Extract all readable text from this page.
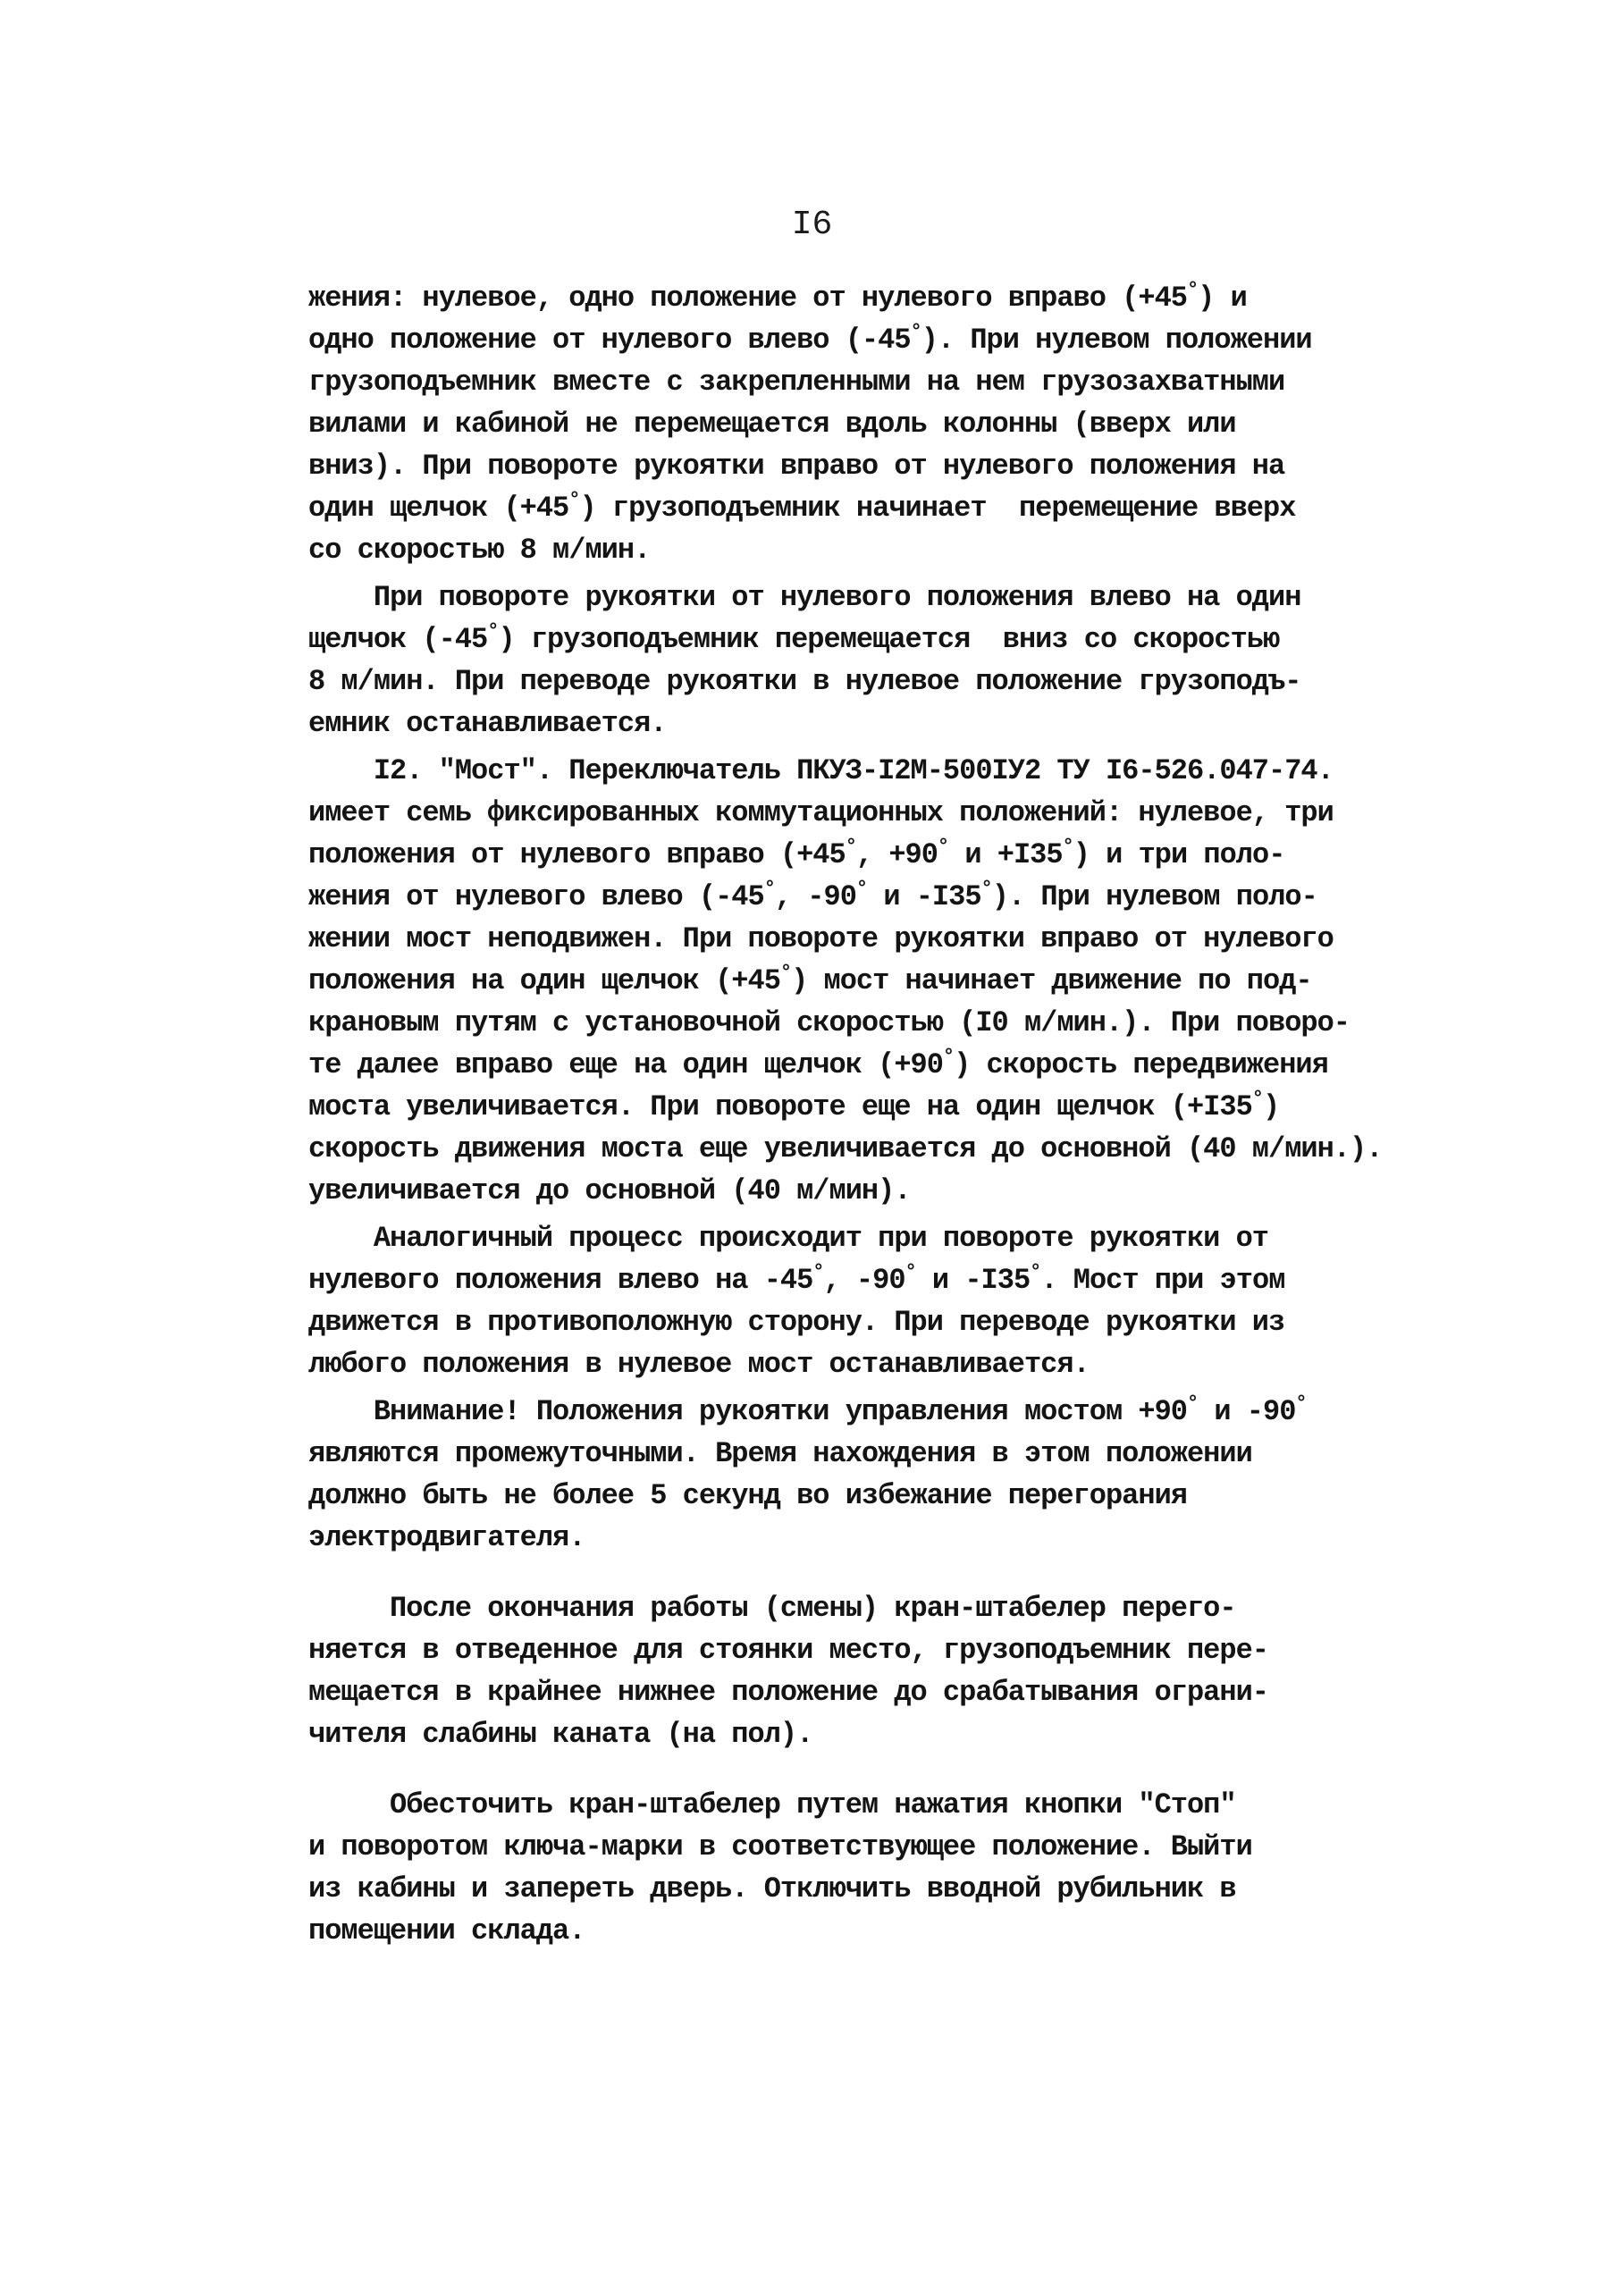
I6
жения: нулевое, одно положение от нулевого вправо (+45°) и
одно положение от нулевого влево (-45°). При нулевом положении
грузоподъемник вместе с закрепленными на нем грузозахватными
вилами и кабиной не перемещается вдоль колонны (вверх или
вниз). При повороте рукоятки вправо от нулевого положения на
один щелчок (+45°) грузоподъемник начинает  перемещение вверх
со скоростью 8 м/мин.
При повороте рукоятки от нулевого положения влево на один
щелчок (-45°) грузоподъемник перемещается  вниз со скоростью
8 м/мин. При переводе рукоятки в нулевое положение грузоподъ-
емник останавливается.
I2. "Мост". Переключатель ПКУЗ-I2М-500IУ2 ТУ I6-526.047-74.
имеет семь фиксированных коммутационных положений: нулевое, три
положения от нулевого вправо (+45°, +90° и +I35°) и три поло-
жения от нулевого влево (-45°, -90° и -I35°). При нулевом поло-
жении мост неподвижен. При повороте рукоятки вправо от нулевого
положения на один щелчок (+45°) мост начинает движение по под-
крановым путям с установочной скоростью (I0 м/мин.). При поворо-
те далее вправо еще на один щелчок (+90°) скорость передвижения
моста увеличивается. При повороте еще на один щелчок (+I35°)
скорость движения моста еще увеличивается до основной (40 м/мин.).
увеличивается до основной (40 м/мин).
Аналогичный процесс происходит при повороте рукоятки от
нулевого положения влево на -45°, -90° и -I35°. Мост при этом
движется в противоположную сторону. При переводе рукоятки из
любого положения в нулевое мост останавливается.
Внимание! Положения рукоятки управления мостом +90° и -90°
являются промежуточными. Время нахождения в этом положении
должно быть не более 5 секунд во избежание перегорания
электродвигателя.
После окончания работы (смены) кран-штабелер перего-
няется в отведенное для стоянки место, грузоподъемник пере-
мещается в крайнее нижнее положение до срабатывания ограни-
чителя слабины каната (на пол).
Обесточить кран-штабелер путем нажатия кнопки "Стоп"
и поворотом ключа-марки в соответствующее положение. Выйти
из кабины и запереть дверь. Отключить вводной рубильник в
помещении склада.
